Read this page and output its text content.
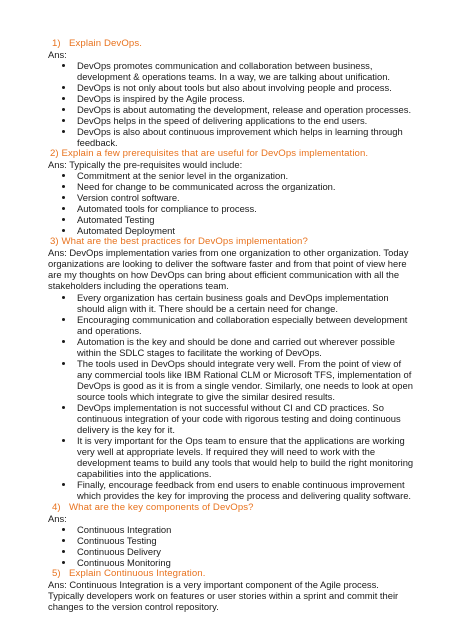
1) Explain DevOps.
Ans:
DevOps promotes communication and collaboration between business,
development & operations teams. In a way, we are talking about unification.
DevOps is not only about tools but also about involving people and process.
DevOps is inspired by the Agile process.
DevOps is about automating the development, release and operation processes.
DevOps helps in the speed of delivering applications to the end users.
DevOps is also about continuous improvement which helps in learning through
feedback.
2) Explain a few prerequisites that are useful for DevOps implementation.
Ans: Typically the pre-requisites would include:
Commitment at the senior level in the organization.
Need for change to be communicated across the organization.
Version control software.
Automated tools for compliance to process.
Automated Testing
Automated Deployment
3) What are the best practices for DevOps implementation?
Ans: DevOps implementation varies from one organization to other organization. Today
organizations are looking to deliver the software faster and from that point of view here
are my thoughts on how DevOps can bring about efficient communication with all the
stakeholders including the operations team.
Every organization has certain business goals and DevOps implementation
should align with it. There should be a certain need for change.
Encouraging communication and collaboration especially between development
and operations.
Automation is the key and should be done and carried out wherever possible
within the SDLC stages to facilitate the working of DevOps.
The tools used in DevOps should integrate very well. From the point of view of
any commercial tools like IBM Rational CLM or Microsoft TFS, implementation of
DevOps is good as it is from a single vendor. Similarly, one needs to look at open
source tools which integrate to give the similar desired results.
DevOps implementation is not successful without CI and CD practices. So
continuous integration of your code with rigorous testing and doing continuous
delivery is the key for it.
It is very important for the Ops team to ensure that the applications are working
very well at appropriate levels. If required they will need to work with the
development teams to build any tools that would help to build the right monitoring
capabilities into the applications.
Finally, encourage feedback from end users to enable continuous improvement
which provides the key for improving the process and delivering quality software.
4) What are the key components of DevOps?
Ans:
Continuous Integration
Continuous Testing
Continuous Delivery
Continuous Monitoring
5) Explain Continuous Integration.
Ans: Continuous Integration is a very important component of the Agile process.
Typically developers work on features or user stories within a sprint and commit their
changes to the version control repository.
